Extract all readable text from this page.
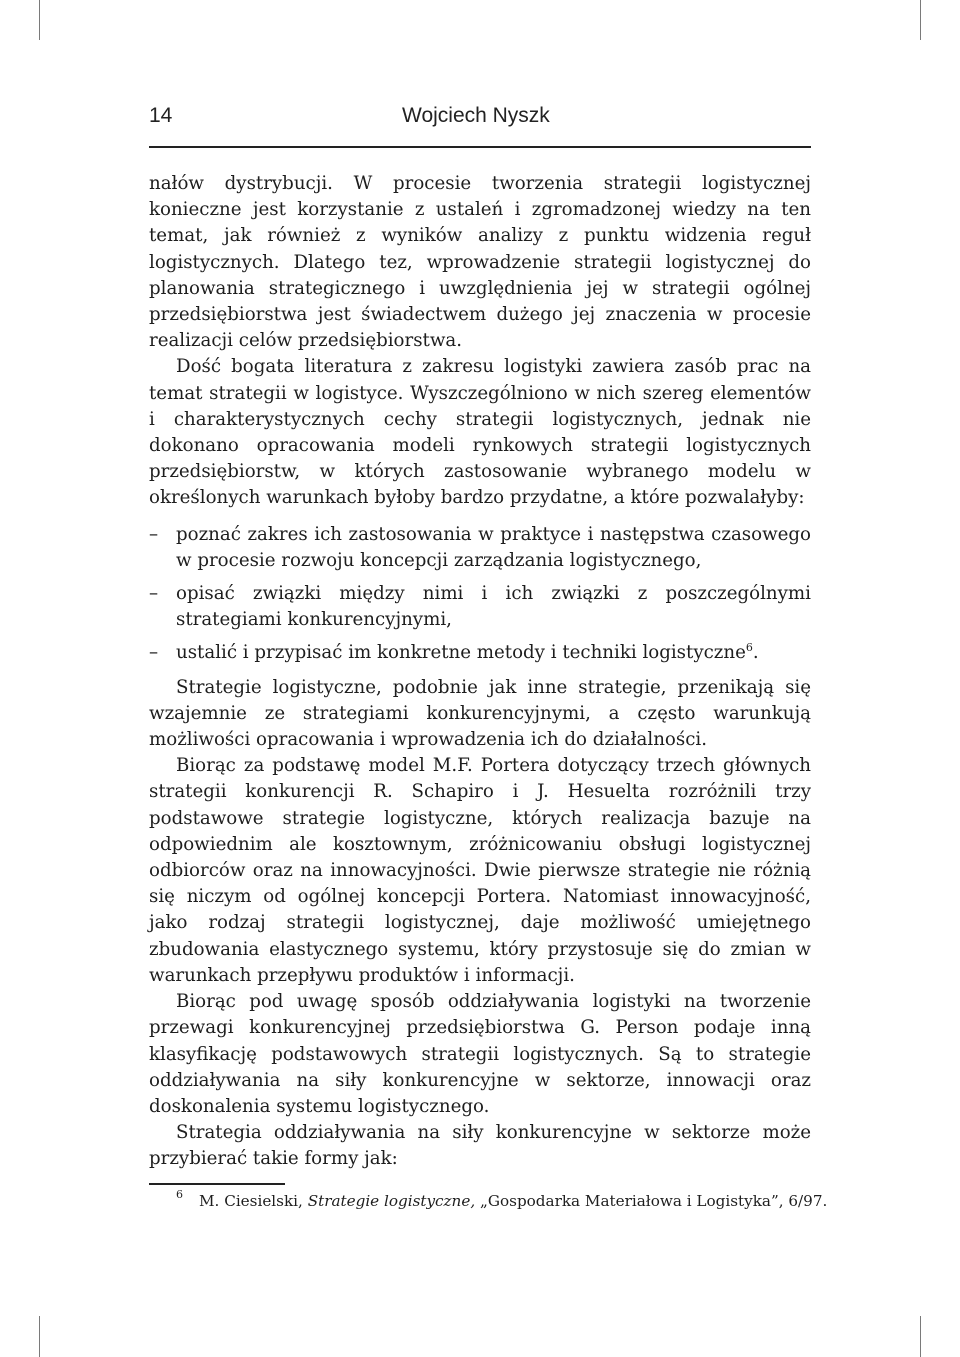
14	Wojciech Nyszk

nałów dystrybucji. W procesie tworzenia strategii logistycznej konieczne jest korzystanie z ustaleń i zgromadzonej wiedzy na ten temat, jak również z wyników analizy z punktu widzenia reguł logistycznych. Dlatego tez, wprowadzenie strategii logistycznej do planowania strategicznego i uwzględnienia jej w strategii ogólnej przedsiębiorstwa jest świadectwem dużego jej znaczenia w procesie realizacji celów przedsiębiorstwa.

Dość bogata literatura z zakresu logistyki zawiera zasób prac na temat strategii w logistyce. Wyszczególniono w nich szereg elementów i charakterystycznych cechy strategii logistycznych, jednak nie dokonano opracowania modeli rynkowych strategii logistycznych przedsiębiorstw, w których zastosowanie wybranego modelu w określonych warunkach byłoby bardzo przydatne, a które pozwalałyby:

– poznać zakres ich zastosowania w praktyce i następstwa czasowego w procesie rozwoju koncepcji zarządzania logistycznego,
– opisać związki między nimi i ich związki z poszczególnymi strategiami konkurencyjnymi,
– ustalić i przypisać im konkretne metody i techniki logistyczne$^6$.

Strategie logistyczne, podobnie jak inne strategie, przenikają się wzajemnie ze strategiami konkurencyjnymi, a często warunkują możliwości opracowania i wprowadzenia ich do działalności.

Biorąc za podstawę model M.F. Portera dotyczący trzech głównych strategii konkurencji R. Schapiro i J. Hesuelta rozróżnili trzy podstawowe strategie logistyczne, których realizacja bazuje na odpowiednim ale kosztownym, zróżnicowaniu obsługi logistycznej odbiorców oraz na innowacyjności. Dwie pierwsze strategie nie różnią się niczym od ogólnej koncepcji Portera. Natomiast innowacyjność, jako rodzaj strategii logistycznej, daje możliwość umiejętnego zbudowania elastycznego systemu, który przystosuje się do zmian w warunkach przepływu produktów i informacji.

Biorąc pod uwagę sposób oddziaływania logistyki na tworzenie przewagi konkurencyjnej przedsiębiorstwa G. Person podaje inną klasyfikację podstawowych strategii logistycznych. Są to strategie oddziaływania na siły konkurencyjne w sektorze, innowacji oraz doskonalenia systemu logistycznego.

Strategia oddziaływania na siły konkurencyjne w sektorze może przybierać takie formy jak:

6 M. Ciesielski, Strategie logistyczne, „Gospodarka Materiałowa i Logistyka”, 6/97.
